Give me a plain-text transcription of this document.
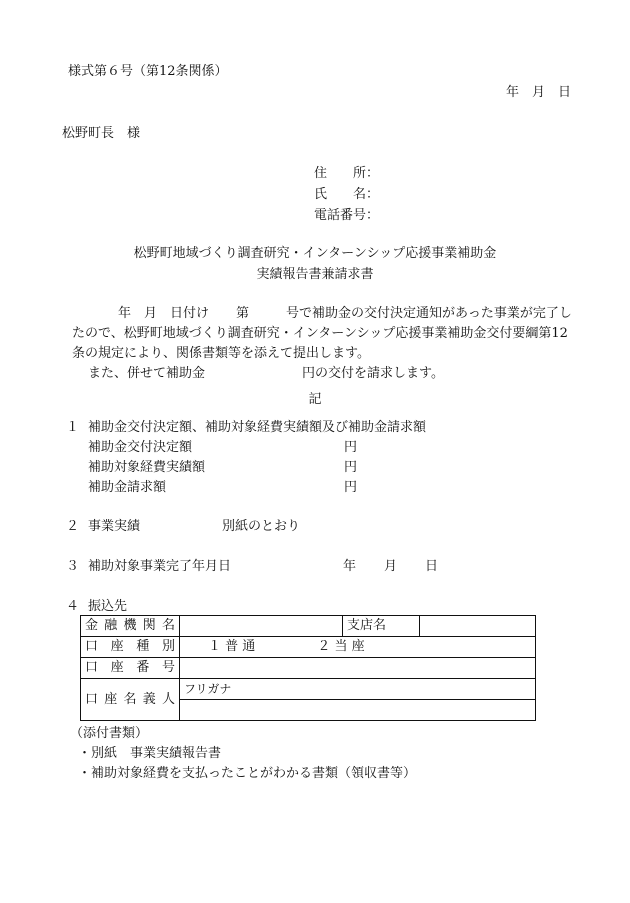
様式第６号（第12条関係）
年　月　日
松野町長　様
住　　所：
氏　　名：
電話番号：
松野町地域づくり調査研究・インターンシップ応援事業補助金
実績報告書兼請求書
年　月　日付け 第	号で補助金の交付決定通知があった事業が完了し
たので、松野町地域づくり調査研究・インターンシップ応援事業補助金交付要綱第12
条の規定により、関係書類等を添えて提出します。
また、併せて補助金	円の交付を請求します。
記
１ 補助金交付決定額、補助対象経費実績額及び補助金請求額
補助金交付決定額	円
補助対象経費実績額	円
補助金請求額	円
２ 事業実績	別紙のとおり
３ 補助対象事業完了年月日	年 月 日
４ 振込先
金融機関名		支店名	
口座種別	１ 普 通 ２ 当 座		
口座番号			
口座名義人	フリガナ		

（添付書類）
・別紙　事業実績報告書
・補助対象経費を支払ったことがわかる書類（領収書等）
